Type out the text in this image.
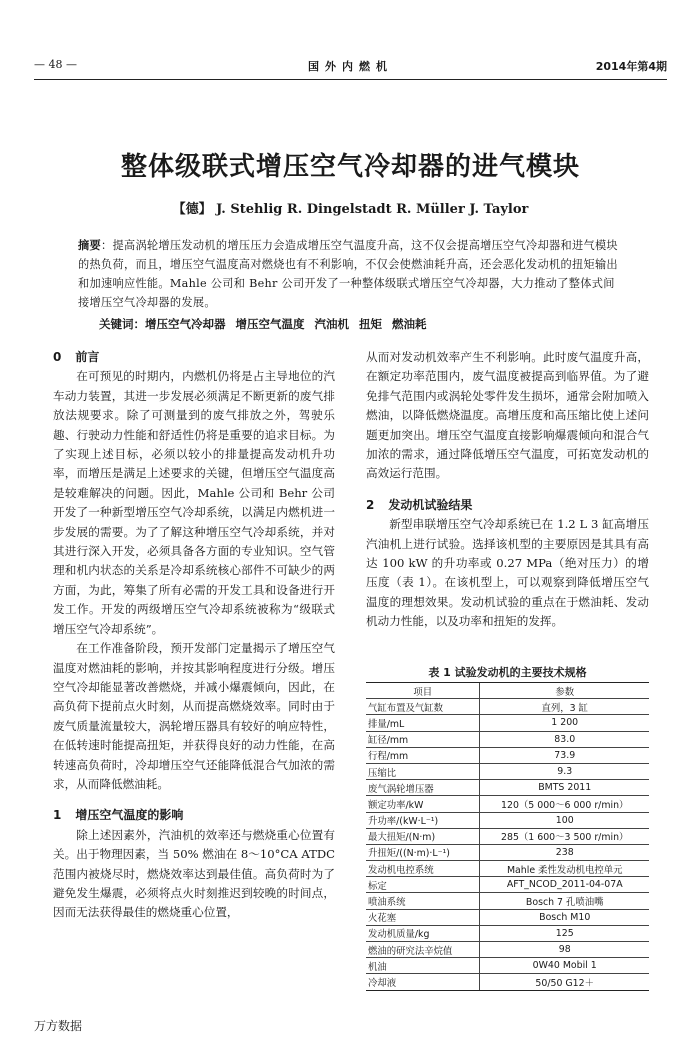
— 48 —	国外内燃机	2014年第4期
整体级联式增压空气冷却器的进气模块
【德】 J. Stehlig R. Dingelstadt R. Müller J. Taylor
摘要：提高涡轮增压发动机的增压压力会造成增压空气温度升高，这不仅会提高增压空气冷却器和进气模块的热负荷，而且，增压空气温度高对燃烧也有不利影响，不仅会使燃油耗升高，还会恶化发动机的扭矩输出和加速响应性能。Mahle 公司和 Behr 公司开发了一种整体级联式增压空气冷却器，大力推动了整体式间接增压空气冷却器的发展。
关键词：增压空气冷却器 增压空气温度 汽油机 扭矩 燃油耗

0 前言

在可预见的时期内，内燃机仍将是占主导地位的汽车动力装置，其进一步发展必须满足不断更新的废气排放法规要求。除了可测量到的废气排放之外，驾驶乐趣、行驶动力性能和舒适性仍将是重要的追求目标。为了实现上述目标，必须以较小的排量提高发动机升功率，而增压是满足上述要求的关键，但增压空气温度高是较难解决的问题。因此，Mahle 公司和 Behr 公司开发了一种新型增压空气冷却系统，以满足内燃机进一步发展的需要。为了了解这种增压空气冷却系统，并对其进行深入开发，必须具备各方面的专业知识。空气管理和机内状态的关系是冷却系统核心部件不可缺少的两方面，为此，筹集了所有必需的开发工具和设备进行开发工作。开发的两级增压空气冷却系统被称为“级联式增压空气冷却系统”。

在工作准备阶段，预开发部门定量揭示了增压空气温度对燃油耗的影响，并按其影响程度进行分级。增压空气冷却能显著改善燃烧，并减小爆震倾向，因此，在高负荷下提前点火时刻，从而提高燃烧效率。同时由于废气质量流量较大，涡轮增压器具有较好的响应特性，在低转速时能提高扭矩，并获得良好的动力性能，在高转速高负荷时，冷却增压空气还能降低混合气加浓的需求，从而降低燃油耗。

1 增压空气温度的影响

除上述因素外，汽油机的效率还与燃烧重心位置有关。出于物理因素，当 50% 燃油在 8～10°CA ATDC 范围内被烧尽时，燃烧效率达到最佳值。高负荷时为了避免发生爆震，必须将点火时刻推迟到较晚的时间点，因而无法获得最佳的燃烧重心位置，

从而对发动机效率产生不利影响。此时废气温度升高，在额定功率范围内，废气温度被提高到临界值。为了避免排气范围内或涡轮处零件发生损坏，通常会附加喷入燃油，以降低燃烧温度。高增压度和高压缩比使上述问题更加突出。增压空气温度直接影响爆震倾向和混合气加浓的需求，通过降低增压空气温度，可拓宽发动机的高效运行范围。

2 发动机试验结果

新型串联增压空气冷却系统已在 1.2 L 3 缸高增压汽油机上进行试验。选择该机型的主要原因是其具有高达 100 kW 的升功率或 0.27 MPa（绝对压力）的增压度（表 1）。在该机型上，可以观察到降低增压空气温度的理想效果。发动机试验的重点在于燃油耗、发动机动力性能，以及功率和扭矩的发挥。

表 1 试验发动机的主要技术规格
项目	参数
气缸布置及气缸数	直列，3 缸
排量/mL	1 200
缸径/mm	83.0
行程/mm	73.9
压缩比	9.3
废气涡轮增压器	BMTS 2011
额定功率/kW	120（5 000～6 000 r/min）
升功率/(kW·L⁻¹)	100
最大扭矩/(N·m)	285（1 600～3 500 r/min）
升扭矩/((N·m)·L⁻¹)	238
发动机电控系统	Mahle 柔性发动机电控单元
标定	AFT_NCOD_2011-04-07A
喷油系统	Bosch 7 孔喷油嘴
火花塞	Bosch M10
发动机质量/kg	125
燃油的研究法辛烷值	98
机油	0W40 Mobil 1
冷却液	50/50 G12＋
万方数据
